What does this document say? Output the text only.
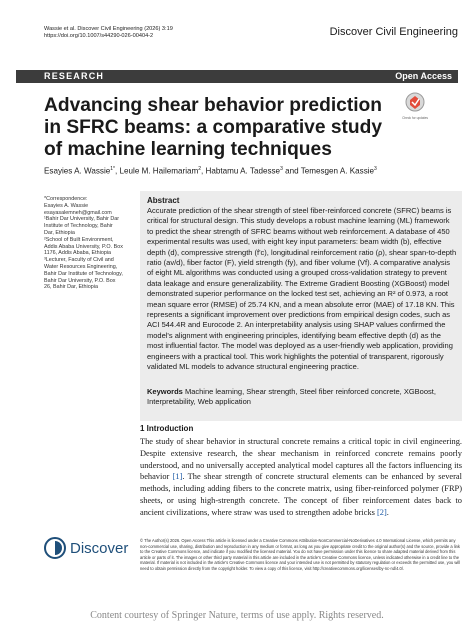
Wassie et al. Discover Civil Engineering (2026) 3:19
https://doi.org/10.1007/s44290-026-00404-2	Discover Civil Engineering
RESEARCH	Open Access
Advancing shear behavior prediction in SFRC beams: a comparative study of machine learning techniques
Check for updates
Esayies A. Wassie$^{1*}$, Leule M. Hailemariam$^2$, Habtamu A. Tadesse$^3$ and Temesgen A. Kassie$^3$

*Correspondence:

Esayies A. Wassie

esayasalemneh@gmail.com

¹Bahir Dar University, Bahir Dar Institute of Technology, Bahir Dar, Ethiopia

²School of Built Environment, Addis Ababa University, P.O. Box 1176, Addis Ababa, Ethiopia

³Lecturer, Faculty of Civil and Water Resources Engineering, Bahir Dar Institute of Technology, Bahir Dar University, P.O. Box 26, Bahir Dar, Ethiopia

Abstract
Accurate prediction of the shear strength of steel fiber-reinforced concrete (SFRC) beams is critical for structural design. This study develops a robust machine learning (ML) framework to predict the shear strength of SFRC beams without web reinforcement. A database of 450 experimental results was used, with eight key input parameters: beam width (b), effective depth (d), compressive strength (f'c), longitudinal reinforcement ratio (ρ), shear span-to-depth ratio (av/d), fiber factor (F), yield strength (fy), and fiber volume (Vf). A comparative analysis of eight ML algorithms was conducted using a grouped cross-validation strategy to prevent data leakage and ensure generalizability. The Extreme Gradient Boosting (XGBoost) model demonstrated superior performance on the locked test set, achieving an R² of 0.973, a root mean square error (RMSE) of 25.74 KN, and a mean absolute error (MAE) of 17.18 KN. This represents a significant improvement over predictions from empirical design codes, such as ACI 544.4R and Eurocode 2. An interpretability analysis using SHAP values confirmed the model's alignment with engineering principles, identifying beam effective depth (d) as the most influential factor. The model was deployed as a user-friendly web application, providing engineers with a practical tool. This work highlights the potential of transparent, rigorously validated ML models to advance structural engineering practice.
Keywords Machine learning, Shear strength, Steel fiber reinforced concrete, XGBoost, Interpretability, Web application
1 Introduction
The study of shear behavior in structural concrete remains a critical topic in civil engineering. Despite extensive research, the shear mechanism in reinforced concrete remains poorly understood, and no universally accepted analytical model captures all the factors influencing its behavior [1]. The shear strength of concrete structural elements can be enhanced by several methods, including adding fibers to the concrete matrix, using fiber-reinforced polymer (FRP) sheets, or using high-strength concrete. The concept of fiber reinforcement dates back to ancient civilizations, where straw was used to strengthen adobe bricks [2].
Discover	© The Author(s) 2026. Open Access This article is licensed under a Creative Commons Attribution-NonCommercial-NoDerivatives 4.0 International License, which permits any non-commercial use, sharing, distribution and reproduction in any medium or format, as long as you give appropriate credit to the original author(s) and the source, provide a link to the Creative Commons licence, and indicate if you modified the licensed material. You do not have permission under this licence to share adapted material derived from this article or parts of it. The images or other third party material in this article are included in the article's Creative Commons licence, unless indicated otherwise in a credit line to the material. If material is not included in the article's Creative Commons licence and your intended use is not permitted by statutory regulation or exceeds the permitted use, you will need to obtain permission directly from the copyright holder. To view a copy of this licence, visit http://creativecommons.org/licenses/by-nc-nd/4.0/.
Content courtesy of Springer Nature, terms of use apply. Rights reserved.
